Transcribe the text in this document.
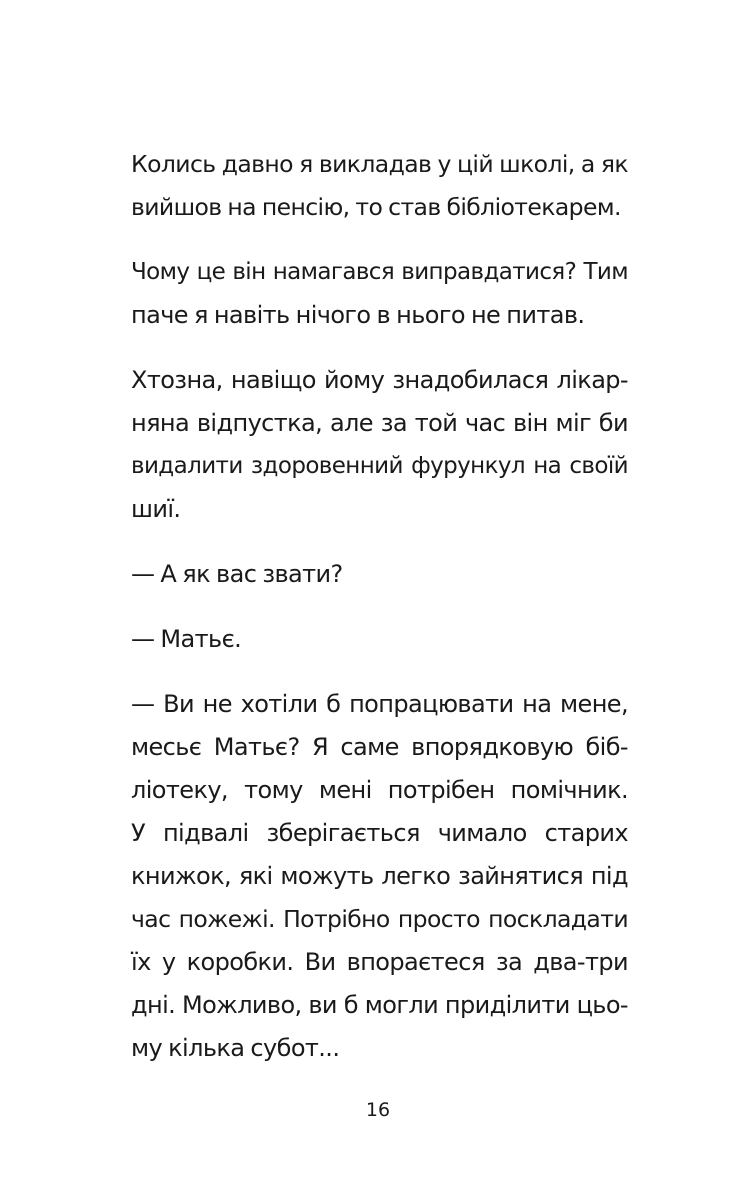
Колись давно я викладав у цій школі, а як
вийшов на пенсію, то став бібліотекарем.

Чому це він намагався виправдатися? Тим
паче я навіть нічого в нього не питав.

Хтозна, навіщо йому знадобилася лікар-
няна відпустка, але за той час він міг би
видалити здоровенний фурункул на своїй
шиї.

— А як вас звати?

— Матьє.

— Ви не хотіли б попрацювати на мене,
месьє Матьє? Я саме впорядковую біб-
ліотеку, тому мені потрібен помічник.
У підвалі зберігається чимало старих
книжок, які можуть легко зайнятися під
час пожежі. Потрібно просто поскладати
їх у коробки. Ви впораєтеся за два-три
дні. Можливо, ви б могли приділити цьо-
му кілька субот...

16
